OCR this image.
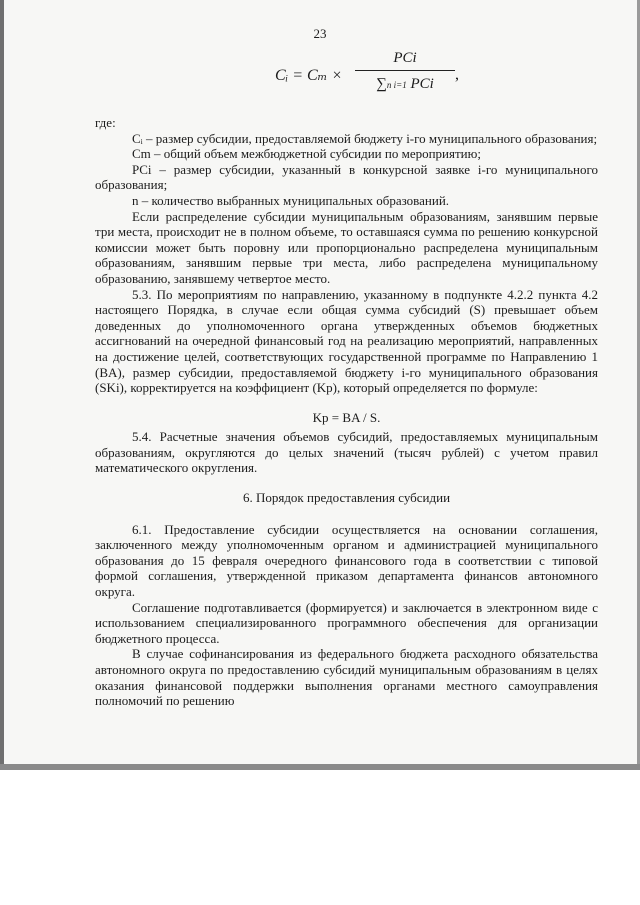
23
Cᵢ = Cₘ ×
PCi
∑n i=1 PCi
,

где:

Cᵢ – размер субсидии, предоставляемой бюджету i-го муниципального образования;

Cm – общий объем межбюджетной субсидии по мероприятию;

PCi – размер субсидии, указанный в конкурсной заявке i-го муниципального образования;

n – количество выбранных муниципальных образований.

Если распределение субсидии муниципальным образованиям, занявшим первые три места, происходит не в полном объеме, то оставшаяся сумма по решению конкурсной комиссии может быть поровну или пропорционально распределена муниципальным образованиям, занявшим первые три места, либо распределена муниципальному образованию, занявшему четвертое место.

5.3. По мероприятиям по направлению, указанному в подпункте 4.2.2 пункта 4.2 настоящего Порядка, в случае если общая сумма субсидий (S) превышает объем доведенных до уполномоченного органа утвержденных объемов бюджетных ассигнований на очередной финансовый год на реализацию мероприятий, направленных на достижение целей, соответствующих государственной программе по Направлению 1 (BA), размер субсидии, предоставляемой бюджету i-го муниципального образования (SKi), корректируется на коэффициент (Kp), который определяется по формуле:

Kp = BA / S.

5.4. Расчетные значения объемов субсидий, предоставляемых муниципальным образованиям, округляются до целых значений (тысяч рублей) с учетом правил математического округления.

6. Порядок предоставления субсидии

6.1. Предоставление субсидии осуществляется на основании соглашения, заключенного между уполномоченным органом и администрацией муниципального образования до 15 февраля очередного финансового года в соответствии с типовой формой соглашения, утвержденной приказом департамента финансов автономного округа.

Соглашение подготавливается (формируется) и заключается в электронном виде с использованием специализированного программного обеспечения для организации бюджетного процесса.

В случае софинансирования из федерального бюджета расходного обязательства автономного округа по предоставлению субсидий муниципальным образованиям в целях оказания финансовой поддержки выполнения органами местного самоуправления полномочий по решению
